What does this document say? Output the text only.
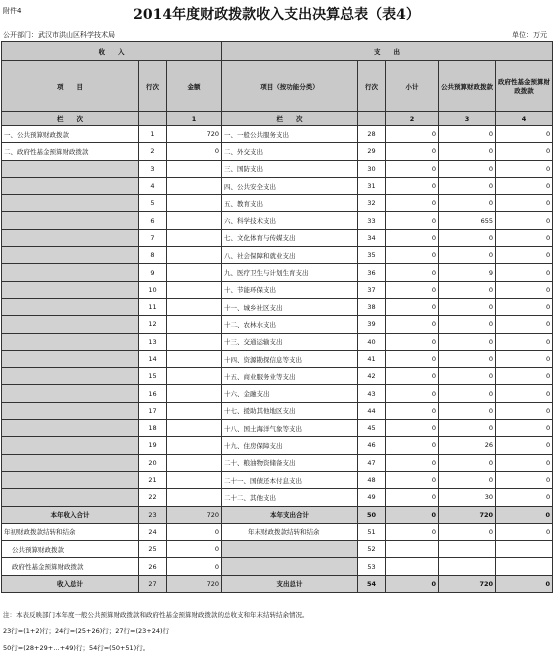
附件4	2014年度财政拨款收入支出决算总表（表4）
公开部门：武汉市洪山区科学技术局	单位：万元
收　　入			支　　出				
项　　目	行次	金额	项目（按功能分类）	行次	小计	公共预算财政拨款	政府性基金预算财政拨款
栏　　次		1	栏　　次		2	3	4
一、公共预算财政拨款	1	720	一、一般公共服务支出	28	0	0	0
二、政府性基金预算财政拨款	2	0	二、外交支出	29	0	0	0
	3		三、国防支出	30	0	0	0
	4		四、公共安全支出	31	0	0	0
	5		五、教育支出	32	0	0	0
	6		六、科学技术支出	33	0	655	0
	7		七、文化体育与传媒支出	34	0	0	0
	8		八、社会保障和就业支出	35	0	0	0
	9		九、医疗卫生与计划生育支出	36	0	9	0
	10		十、节能环保支出	37	0	0	0
	11		十一、城乡社区支出	38	0	0	0
	12		十二、农林水支出	39	0	0	0
	13		十三、交通运输支出	40	0	0	0
	14		十四、资源勘探信息等支出	41	0	0	0
	15		十五、商业服务业等支出	42	0	0	0
	16		十六、金融支出	43	0	0	0
	17		十七、援助其他地区支出	44	0	0	0
	18		十八、国土海洋气象等支出	45	0	0	0
	19		十九、住房保障支出	46	0	26	0
	20		二十、粮油物资储备支出	47	0	0	0
	21		二十一、国债还本付息支出	48	0	0	0
	22		二十二、其他支出	49	0	30	0
本年收入合计	23	720	本年支出合计	50	0	720	0
年初财政拨款结转和结余	24	0	年末财政拨款结转和结余	51	0	0	0
公共预算财政拨款	25	0		52			
政府性基金预算财政拨款	26	0		53			
收入总计	27	720	支出总计	54	0	720	0
注：本表反映部门本年度一般公共预算财政拨款和政府性基金预算财政拨款的总收支和年末结转结余情况。
23行=(1+2)行；24行=(25+26)行；27行=(23+24)行
50行=(28+29+…+49)行；54行=(50+51)行。
